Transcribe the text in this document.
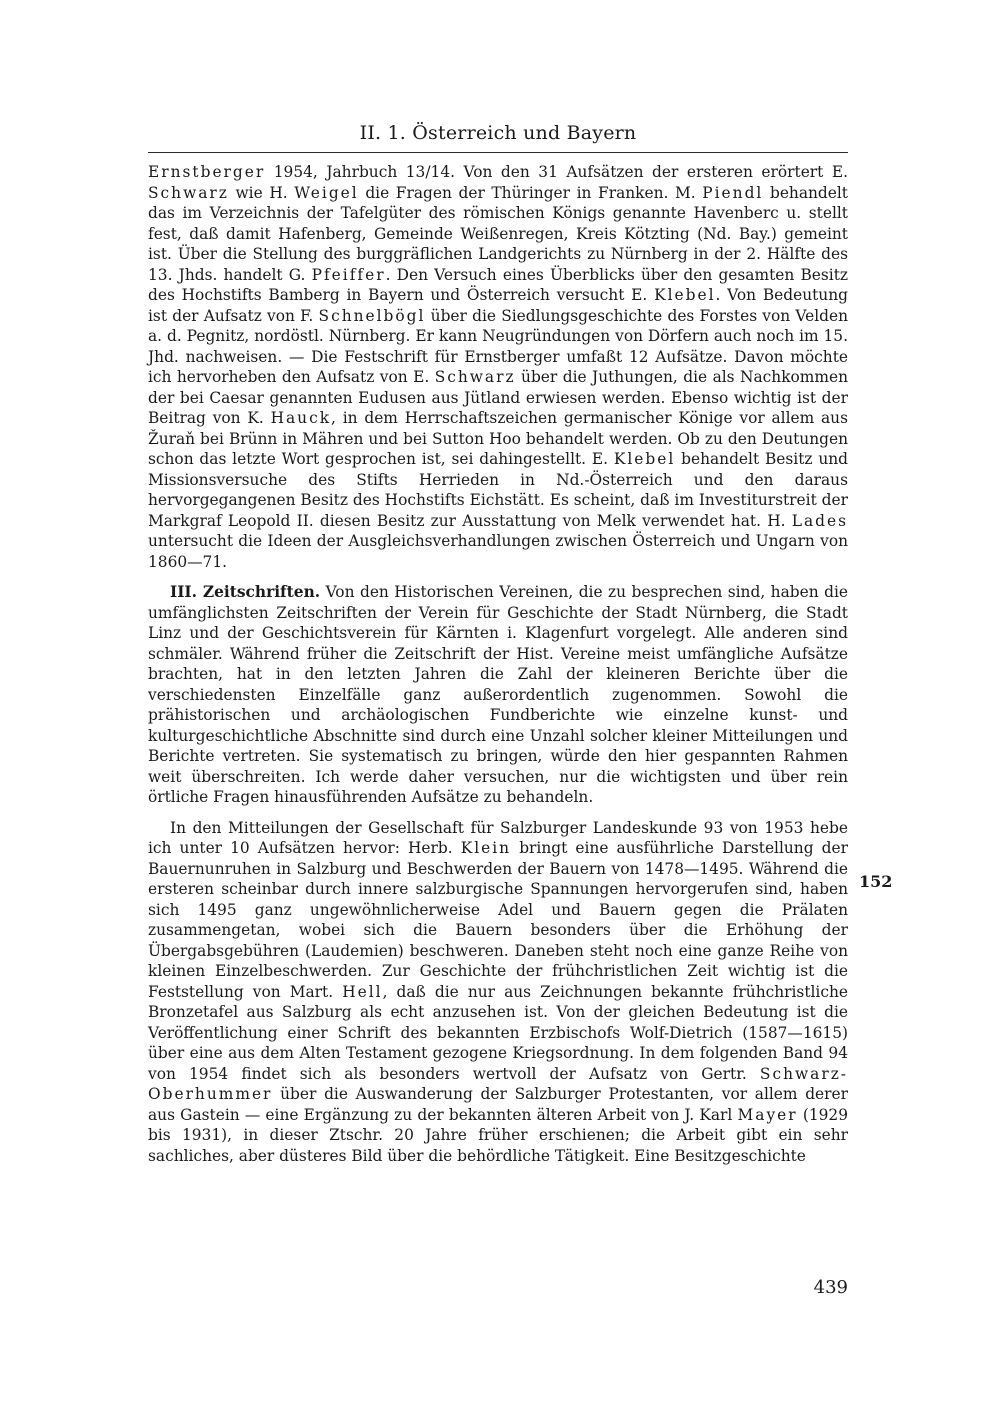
II. 1. Österreich und Bayern

Ernstberger 1954, Jahrbuch 13/14. Von den 31 Aufsätzen der ersteren erörtert E. Schwarz wie H. Weigel die Fragen der Thüringer in Franken. M. Piendl behandelt das im Verzeichnis der Tafelgüter des römischen Königs genannte Havenberc u. stellt fest, daß damit Hafenberg, Gemeinde Weißenregen, Kreis Kötzting (Nd. Bay.) gemeint ist. Über die Stellung des burggräflichen Landgerichts zu Nürnberg in der 2. Hälfte des 13. Jhds. handelt G. Pfeiffer. Den Versuch eines Überblicks über den gesamten Besitz des Hochstifts Bamberg in Bayern und Österreich versucht E. Klebel. Von Bedeutung ist der Aufsatz von F. Schnelbögl über die Siedlungsgeschichte des Forstes von Velden a. d. Pegnitz, nordöstl. Nürnberg. Er kann Neugründungen von Dörfern auch noch im 15. Jhd. nachweisen. — Die Festschrift für Ernstberger umfaßt 12 Aufsätze. Davon möchte ich hervorheben den Aufsatz von E. Schwarz über die Juthungen, die als Nachkommen der bei Caesar genannten Eudusen aus Jütland erwiesen werden. Ebenso wichtig ist der Beitrag von K. Hauck, in dem Herrschaftszeichen germanischer Könige vor allem aus Žuraň bei Brünn in Mähren und bei Sutton Hoo behandelt werden. Ob zu den Deutungen schon das letzte Wort gesprochen ist, sei dahingestellt. E. Klebel behandelt Besitz und Missionsversuche des Stifts Herrieden in Nd.-Österreich und den daraus hervorgegangenen Besitz des Hochstifts Eichstätt. Es scheint, daß im Investiturstreit der Markgraf Leopold II. diesen Besitz zur Ausstattung von Melk verwendet hat. H. Lades untersucht die Ideen der Ausgleichsverhandlungen zwischen Österreich und Ungarn von 1860—71.

III. Zeitschriften. Von den Historischen Vereinen, die zu besprechen sind, haben die umfänglichsten Zeitschriften der Verein für Geschichte der Stadt Nürnberg, die Stadt Linz und der Geschichtsverein für Kärnten i. Klagenfurt vorgelegt. Alle anderen sind schmäler. Während früher die Zeitschrift der Hist. Vereine meist umfängliche Aufsätze brachten, hat in den letzten Jahren die Zahl der kleineren Berichte über die verschiedensten Einzelfälle ganz außerordentlich zugenommen. Sowohl die prähistorischen und archäologischen Fundberichte wie einzelne kunst- und kulturgeschichtliche Abschnitte sind durch eine Unzahl solcher kleiner Mitteilungen und Berichte vertreten. Sie systematisch zu bringen, würde den hier gespannten Rahmen weit überschreiten. Ich werde daher versuchen, nur die wichtigsten und über rein örtliche Fragen hinausführenden Aufsätze zu behandeln.

In den Mitteilungen der Gesellschaft für Salzburger Landeskunde 93 von 1953 hebe ich unter 10 Aufsätzen hervor: Herb. Klein bringt eine ausführliche Darstellung der Bauernunruhen in Salzburg und Beschwerden der Bauern von 1478—1495. Während die ersteren scheinbar durch innere salzburgische Spannungen hervorgerufen sind, haben sich 1495 ganz ungewöhnlicherweise Adel und Bauern gegen die Prälaten zusammengetan, wobei sich die Bauern besonders über die Erhöhung der Übergabsgebühren (Laudemien) beschweren. Daneben steht noch eine ganze Reihe von kleinen Einzelbeschwerden. Zur Geschichte der frühchristlichen Zeit wichtig ist die Feststellung von Mart. Hell, daß die nur aus Zeichnungen bekannte frühchristliche Bronzetafel aus Salzburg als echt anzusehen ist. Von der gleichen Bedeutung ist die Veröffentlichung einer Schrift des bekannten Erzbischofs Wolf-Dietrich (1587—1615) über eine aus dem Alten Testament gezogene Kriegsordnung. In dem folgenden Band 94 von 1954 findet sich als besonders wertvoll der Aufsatz von Gertr. Schwarz-Oberhummer über die Auswanderung der Salzburger Protestanten, vor allem derer aus Gastein — eine Ergänzung zu der bekannten älteren Arbeit von J. Karl Mayer (1929 bis 1931), in dieser Ztschr. 20 Jahre früher erschienen; die Arbeit gibt ein sehr sachliches, aber düsteres Bild über die behördliche Tätigkeit. Eine Besitzgeschichte

152
439
